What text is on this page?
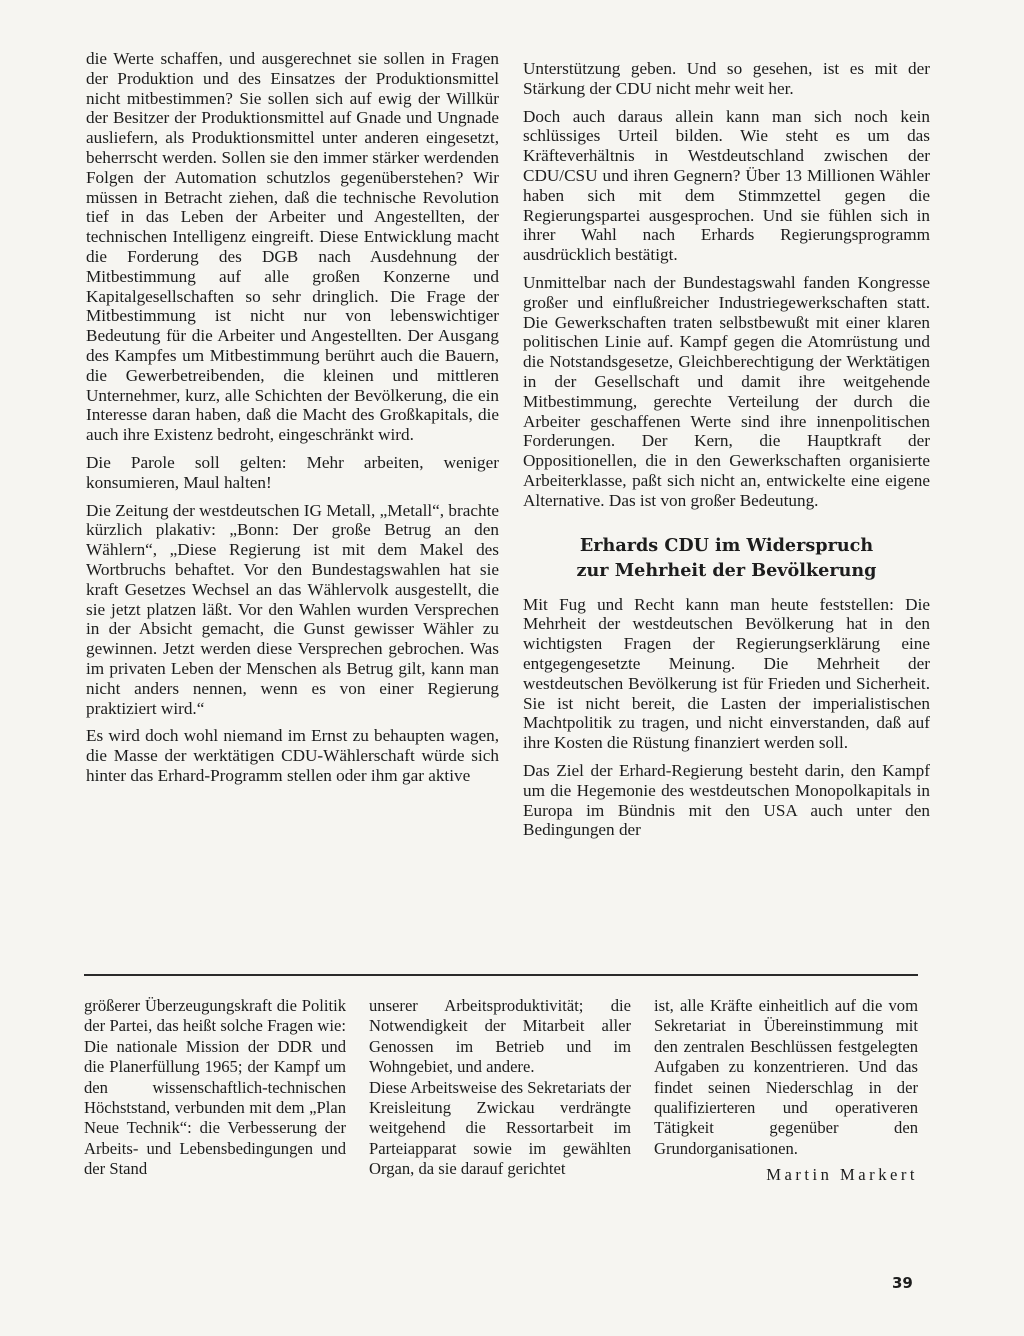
die Werte schaffen, und ausgerechnet sie sollen in Fragen der Produktion und des Einsatzes der Produktionsmittel nicht mitbestimmen? Sie sollen sich auf ewig der Willkür der Besitzer der Produktionsmittel auf Gnade und Ungnade ausliefern, als Produktionsmittel unter anderen eingesetzt, beherrscht werden. Sollen sie den immer stärker werdenden Folgen der Automation schutzlos gegenüberstehen? Wir müssen in Betracht ziehen, daß die technische Revolution tief in das Leben der Arbeiter und Angestellten, der technischen Intelligenz eingreift. Diese Entwicklung macht die Forderung des DGB nach Ausdehnung der Mitbestimmung auf alle großen Konzerne und Kapitalgesellschaften so sehr dringlich. Die Frage der Mitbestimmung ist nicht nur von lebenswichtiger Bedeutung für die Arbeiter und Angestellten. Der Ausgang des Kampfes um Mitbestimmung berührt auch die Bauern, die Gewerbetreibenden, die kleinen und mittleren Unternehmer, kurz, alle Schichten der Bevölkerung, die ein Interesse daran haben, daß die Macht des Großkapitals, die auch ihre Existenz bedroht, eingeschränkt wird.

Die Parole soll gelten: Mehr arbeiten, weniger konsumieren, Maul halten!

Die Zeitung der westdeutschen IG Metall, „Metall“, brachte kürzlich plakativ: „Bonn: Der große Betrug an den Wählern“, „Diese Regierung ist mit dem Makel des Wortbruchs behaftet. Vor den Bundestagswahlen hat sie kraft Gesetzes Wechsel an das Wählervolk ausgestellt, die sie jetzt platzen läßt. Vor den Wahlen wurden Versprechen in der Absicht gemacht, die Gunst gewisser Wähler zu gewinnen. Jetzt werden diese Versprechen gebrochen. Was im privaten Leben der Menschen als Betrug gilt, kann man nicht anders nennen, wenn es von einer Regierung praktiziert wird.“

Es wird doch wohl niemand im Ernst zu behaupten wagen, die Masse der werktätigen CDU-Wählerschaft würde sich hinter das Erhard-Programm stellen oder ihm gar aktive

Unterstützung geben. Und so gesehen, ist es mit der Stärkung der CDU nicht mehr weit her.

Doch auch daraus allein kann man sich noch kein schlüssiges Urteil bilden. Wie steht es um das Kräfteverhältnis in Westdeutschland zwischen der CDU/CSU und ihren Gegnern? Über 13 Millionen Wähler haben sich mit dem Stimmzettel gegen die Regierungspartei ausgesprochen. Und sie fühlen sich in ihrer Wahl nach Erhards Regierungsprogramm ausdrücklich bestätigt.

Unmittelbar nach der Bundestagswahl fanden Kongresse großer und einflußreicher Industriegewerkschaften statt. Die Gewerkschaften traten selbstbewußt mit einer klaren politischen Linie auf. Kampf gegen die Atomrüstung und die Notstandsgesetze, Gleichberechtigung der Werktätigen in der Gesellschaft und damit ihre weitgehende Mitbestimmung, gerechte Verteilung der durch die Arbeiter geschaffenen Werte sind ihre innenpolitischen Forderungen. Der Kern, die Hauptkraft der Oppositionellen, die in den Gewerkschaften organisierte Arbeiterklasse, paßt sich nicht an, entwickelte eine eigene Alternative. Das ist von großer Bedeutung.

Erhards CDU im Widerspruch
zur Mehrheit der Bevölkerung

Mit Fug und Recht kann man heute feststellen: Die Mehrheit der westdeutschen Bevölkerung hat in den wichtigsten Fragen der Regierungserklärung eine entgegengesetzte Meinung. Die Mehrheit der westdeutschen Bevölkerung ist für Frieden und Sicherheit. Sie ist nicht bereit, die Lasten der imperialistischen Machtpolitik zu tragen, und nicht einverstanden, daß auf ihre Kosten die Rüstung finanziert werden soll.

Das Ziel der Erhard-Regierung besteht darin, den Kampf um die Hegemonie des westdeutschen Monopolkapitals in Europa im Bündnis mit den USA auch unter den Bedingungen der

größerer Überzeugungskraft die Politik der Partei, das heißt solche Fragen wie: Die nationale Mission der DDR und die Planerfüllung 1965; der Kampf um den wissenschaftlich-technischen Höchststand, verbunden mit dem „Plan Neue Technik“: die Verbesserung der Arbeits- und Lebensbedingungen und der Stand

unserer Arbeitsproduktivität; die Notwendigkeit der Mitarbeit aller Genossen im Betrieb und im Wohngebiet, und andere.

Diese Arbeitsweise des Sekretariats der Kreisleitung Zwickau verdrängte weitgehend die Ressortarbeit im Parteiapparat sowie im gewählten Organ, da sie darauf gerichtet

ist, alle Kräfte einheitlich auf die vom Sekretariat in Übereinstimmung mit den zentralen Beschlüssen festgelegten Aufgaben zu konzentrieren. Und das findet seinen Niederschlag in der qualifizierteren und operativeren Tätigkeit gegenüber den Grundorganisationen.

Martin Markert
39
